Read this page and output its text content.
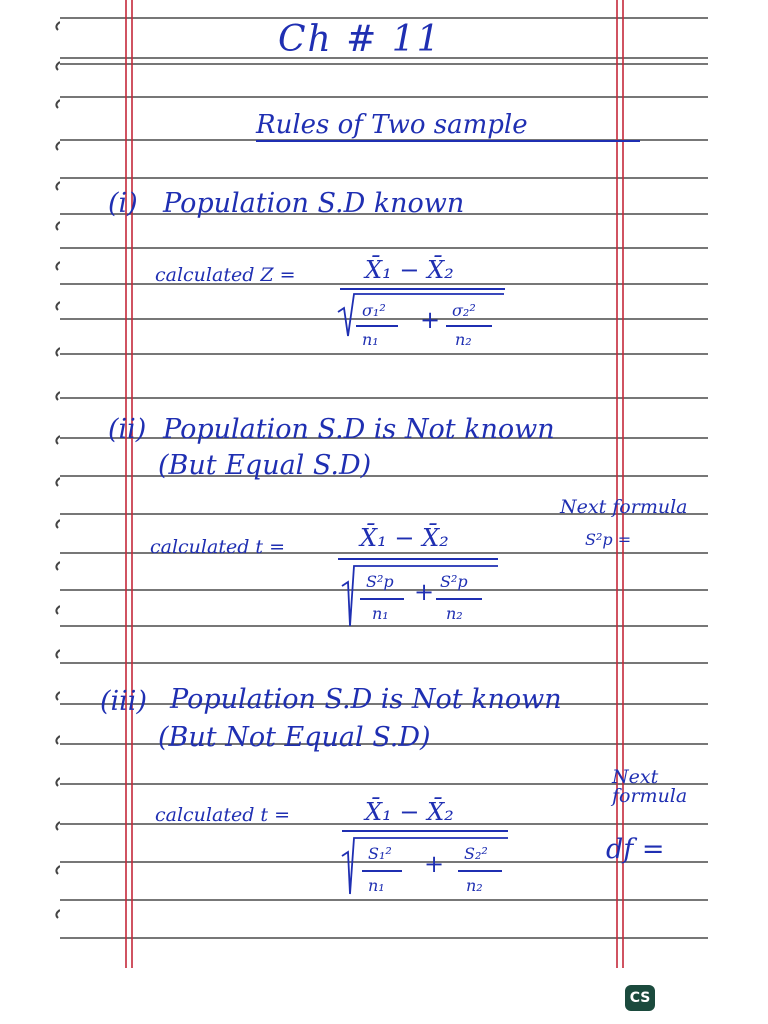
Ch # 11
Rules of Two sample
(i) Population S.D known
calculated Z =	X̄₁ − X̄₂
σ₁²
n₁
+ σ₂²
n₂
(ii) Population S.D is Not known
(But Equal S.D)
Next formula
S²p =
calculated t =	X̄₁ − X̄₂
S²p
n₁
+ S²p
n₂
(iii) Population S.D is Not known
(But Not Equal S.D)
Next formula
df =
calculated t =	X̄₁ − X̄₂
S₁²
n₁
+ S₂²
n₂
CS
